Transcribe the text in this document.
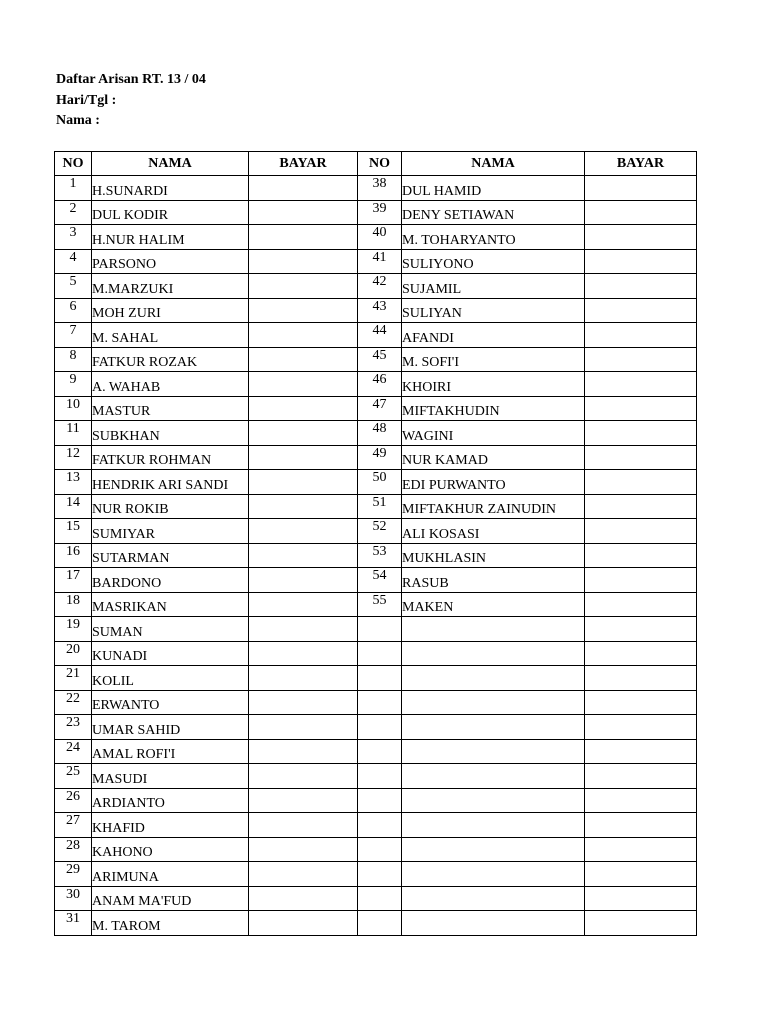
Daftar Arisan RT. 13 / 04
Hari/Tgl :
Nama :
NO	NAMA	BAYAR	NO	NAMA	BAYAR
1	H.SUNARDI		38	DUL HAMID	
2	DUL KODIR		39	DENY SETIAWAN	
3	H.NUR HALIM		40	M. TOHARYANTO	
4	PARSONO		41	SULIYONO	
5	M.MARZUKI		42	SUJAMIL	
6	MOH ZURI		43	SULIYAN	
7	M. SAHAL		44	AFANDI	
8	FATKUR ROZAK		45	M. SOFI'I	
9	A. WAHAB		46	KHOIRI	
10	MASTUR		47	MIFTAKHUDIN	
11	SUBKHAN		48	WAGINI	
12	FATKUR ROHMAN		49	NUR KAMAD	
13	HENDRIK ARI SANDI		50	EDI PURWANTO	
14	NUR ROKIB		51	MIFTAKHUR ZAINUDIN	
15	SUMIYAR		52	ALI KOSASI	
16	SUTARMAN		53	MUKHLASIN	
17	BARDONO		54	RASUB	
18	MASRIKAN		55	MAKEN	
19	SUMAN				
20	KUNADI				
21	KOLIL				
22	ERWANTO				
23	UMAR SAHID				
24	AMAL ROFI'I				
25	MASUDI				
26	ARDIANTO				
27	KHAFID				
28	KAHONO				
29	ARIMUNA				
30	ANAM MA'FUD				
31	M. TAROM				
